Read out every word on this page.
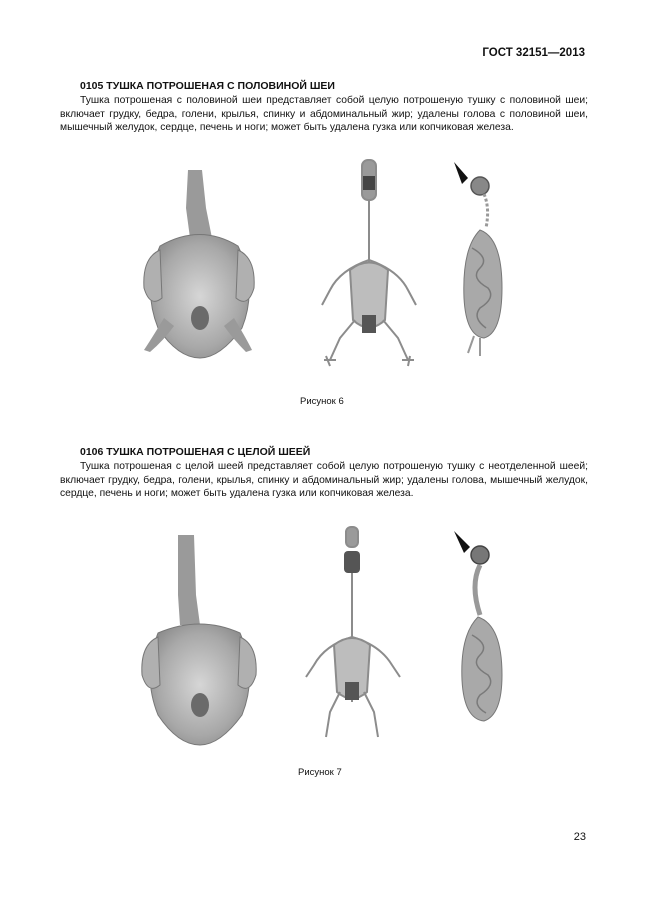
ГОСТ 32151—2013
0105 ТУШКА ПОТРОШЕНАЯ С ПОЛОВИНОЙ ШЕИ
Тушка потрошеная с половиной шеи представляет собой целую потрошеную тушку с половиной шеи; включает грудку, бедра, голени, крылья, спинку и абдоминальный жир; удалены голова с половиной шеи, мышечный желудок, сердце, печень и ноги; может быть удалена гузка или копчиковая железа.
Рисунок 6
0106 ТУШКА ПОТРОШЕНАЯ С ЦЕЛОЙ ШЕЕЙ
Тушка потрошеная с целой шеей представляет собой целую потрошеную тушку с неотделенной шеей; включает грудку, бедра, голени, крылья, спинку и абдоминальный жир; удалены голова, мышечный желудок, сердце, печень и ноги; может быть удалена гузка или копчиковая железа.
Рисунок 7
23
